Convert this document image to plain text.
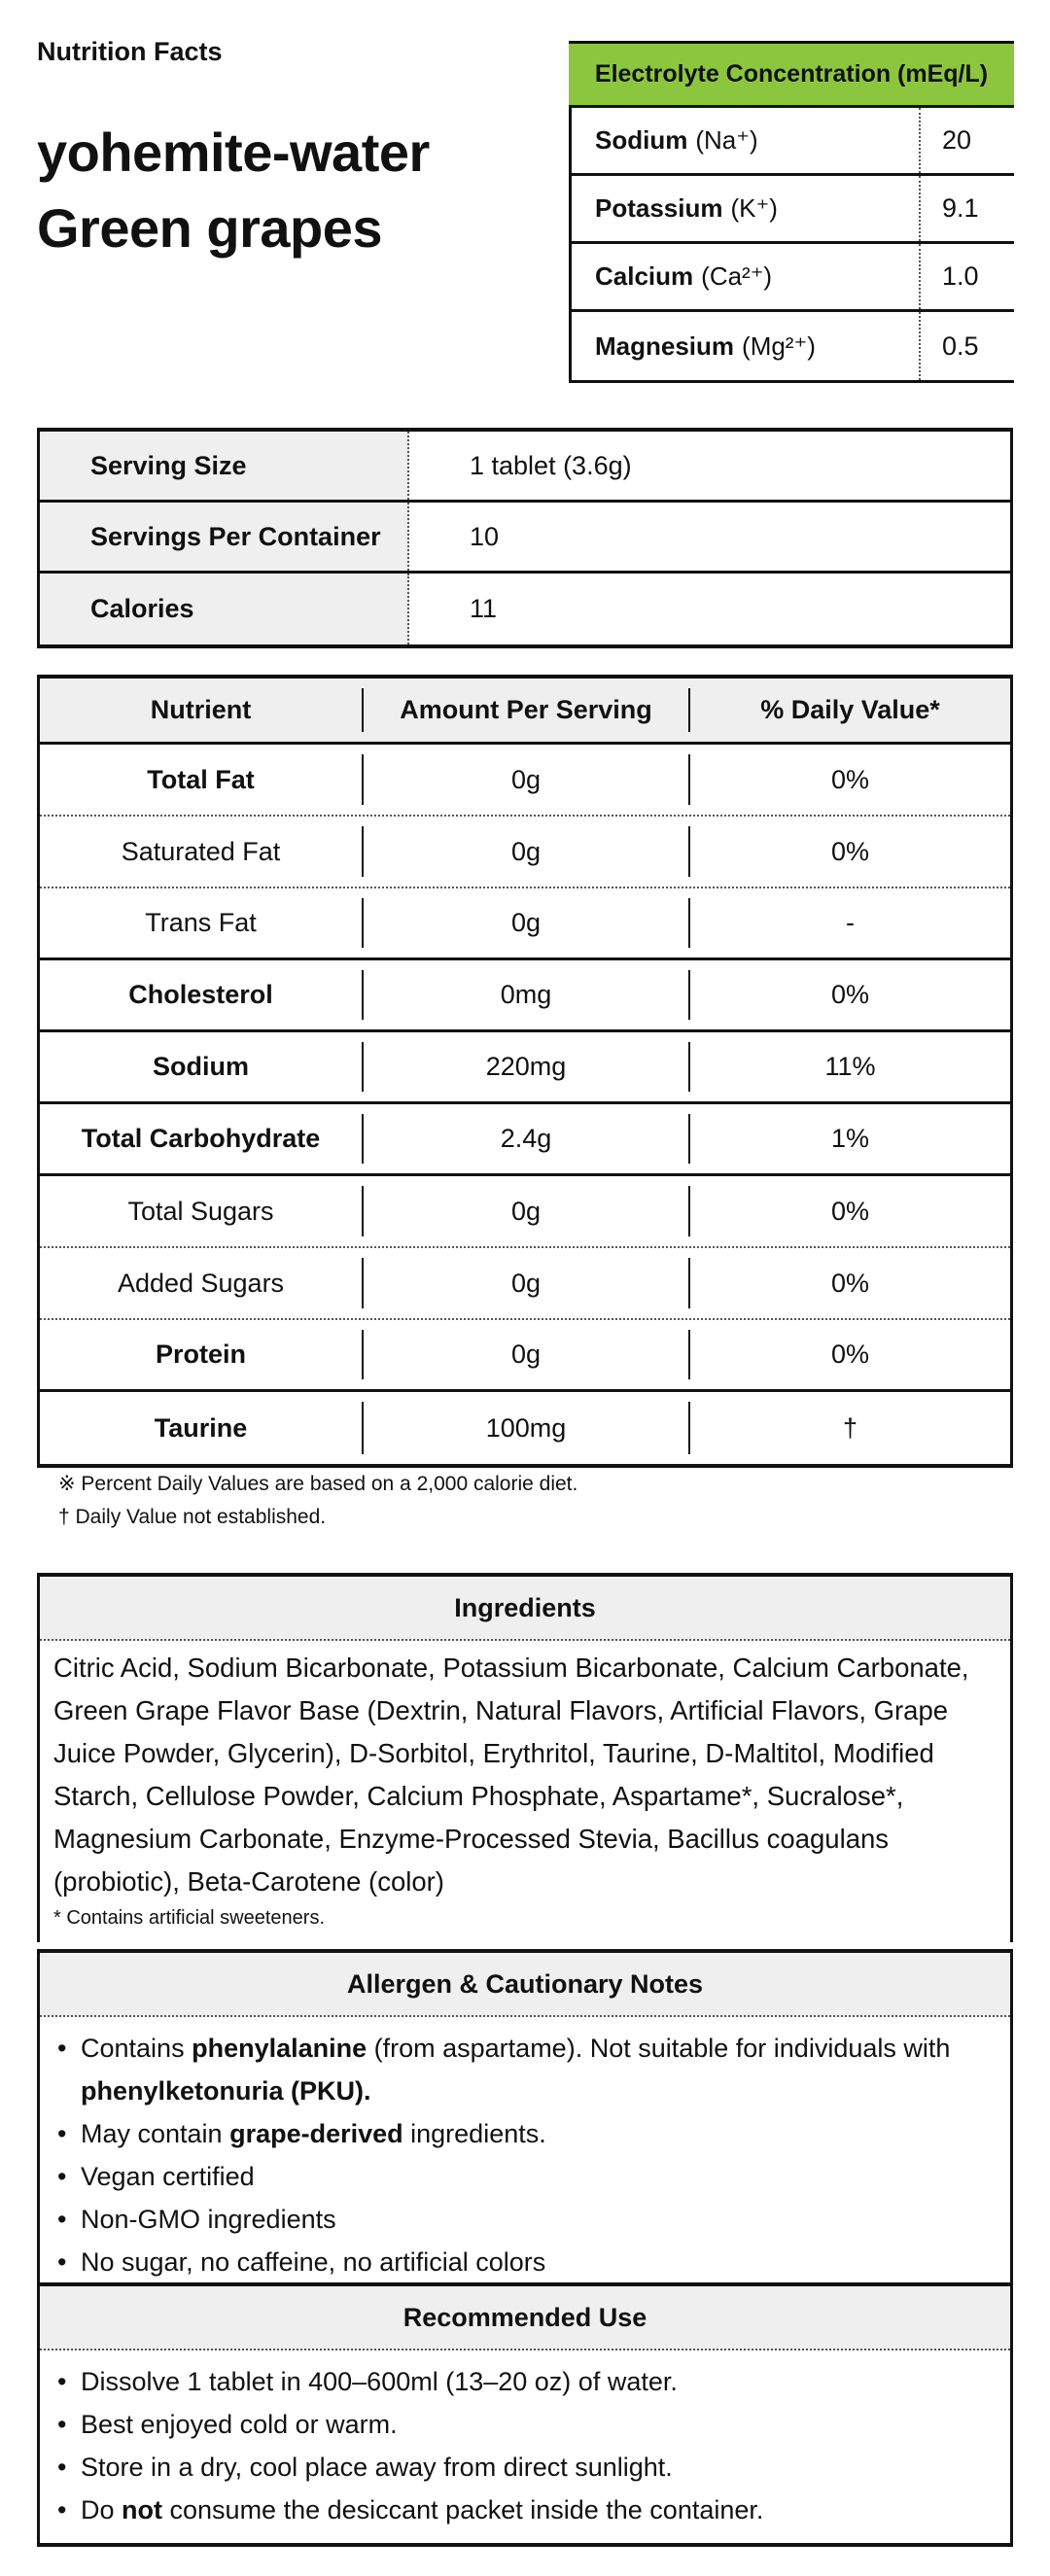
Nutrition Facts
yohemite-water
Green grapes
Electrolyte Concentration (mEq/L)
Sodium (Na⁺)	20
Potassium (K⁺)	9.1
Calcium (Ca²⁺)	1.0
Magnesium (Mg²⁺)	0.5
Serving Size	1 tablet (3.6g)
Servings Per Container	10
Calories	11
Nutrient	Amount Per Serving	% Daily Value*
Total Fat	0g	0%
Saturated Fat	0g	0%
Trans Fat	0g	-
Cholesterol	0mg	0%
Sodium	220mg	11%
Total Carbohydrate	2.4g	1%
Total Sugars	0g	0%
Added Sugars	0g	0%
Protein	0g	0%
Taurine	100mg	†
※ Percent Daily Values are based on a 2,000 calorie diet.
† Daily Value not established.
Ingredients
Citric Acid, Sodium Bicarbonate, Potassium Bicarbonate, Calcium Carbonate, Green Grape Flavor Base (Dextrin, Natural Flavors, Artificial Flavors, Grape Juice Powder, Glycerin), D-Sorbitol, Erythritol, Taurine, D-Maltitol, Modified Starch, Cellulose Powder, Calcium Phosphate, Aspartame*, Sucralose*, Magnesium Carbonate, Enzyme-Processed Stevia, Bacillus coagulans (probiotic), Beta-Carotene (color)
* Contains artificial sweeteners.
Allergen & Cautionary Notes
• Contains phenylalanine (from aspartame). Not suitable for individuals with phenylketonuria (PKU).
• May contain grape-derived ingredients.
• Vegan certified
• Non-GMO ingredients
• No sugar, no caffeine, no artificial colors
Recommended Use
• Dissolve 1 tablet in 400–600ml (13–20 oz) of water.
• Best enjoyed cold or warm.
• Store in a dry, cool place away from direct sunlight.
• Do not consume the desiccant packet inside the container.
